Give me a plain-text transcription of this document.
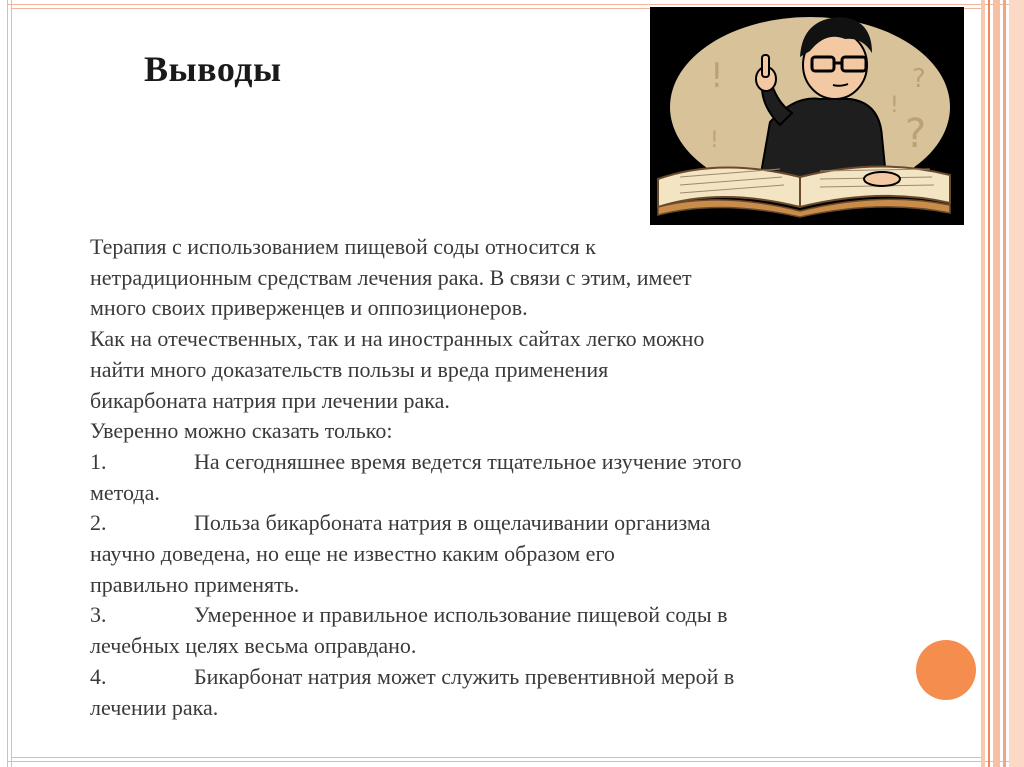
Выводы	!	?
!	?
!

Терапия с использованием пищевой соды относится к

нетрадиционным средствам лечения рака. В связи с этим, имеет

много своих приверженцев и оппозиционеров.

Как на отечественных, так и на иностранных сайтах легко можно

найти много доказательств пользы и вреда применения

бикарбоната натрия при лечении рака.

Уверенно можно сказать только:

1.	На сегодняшнее время ведется тщательное изучение этого

метода.

2.	Польза бикарбоната натрия в ощелачивании организма

научно доведена, но еще не известно каким образом его

правильно применять.

3.	Умеренное и правильное использование пищевой соды в

лечебных целях весьма оправдано.

4.	Бикарбонат натрия может служить превентивной мерой в

лечении рака.
